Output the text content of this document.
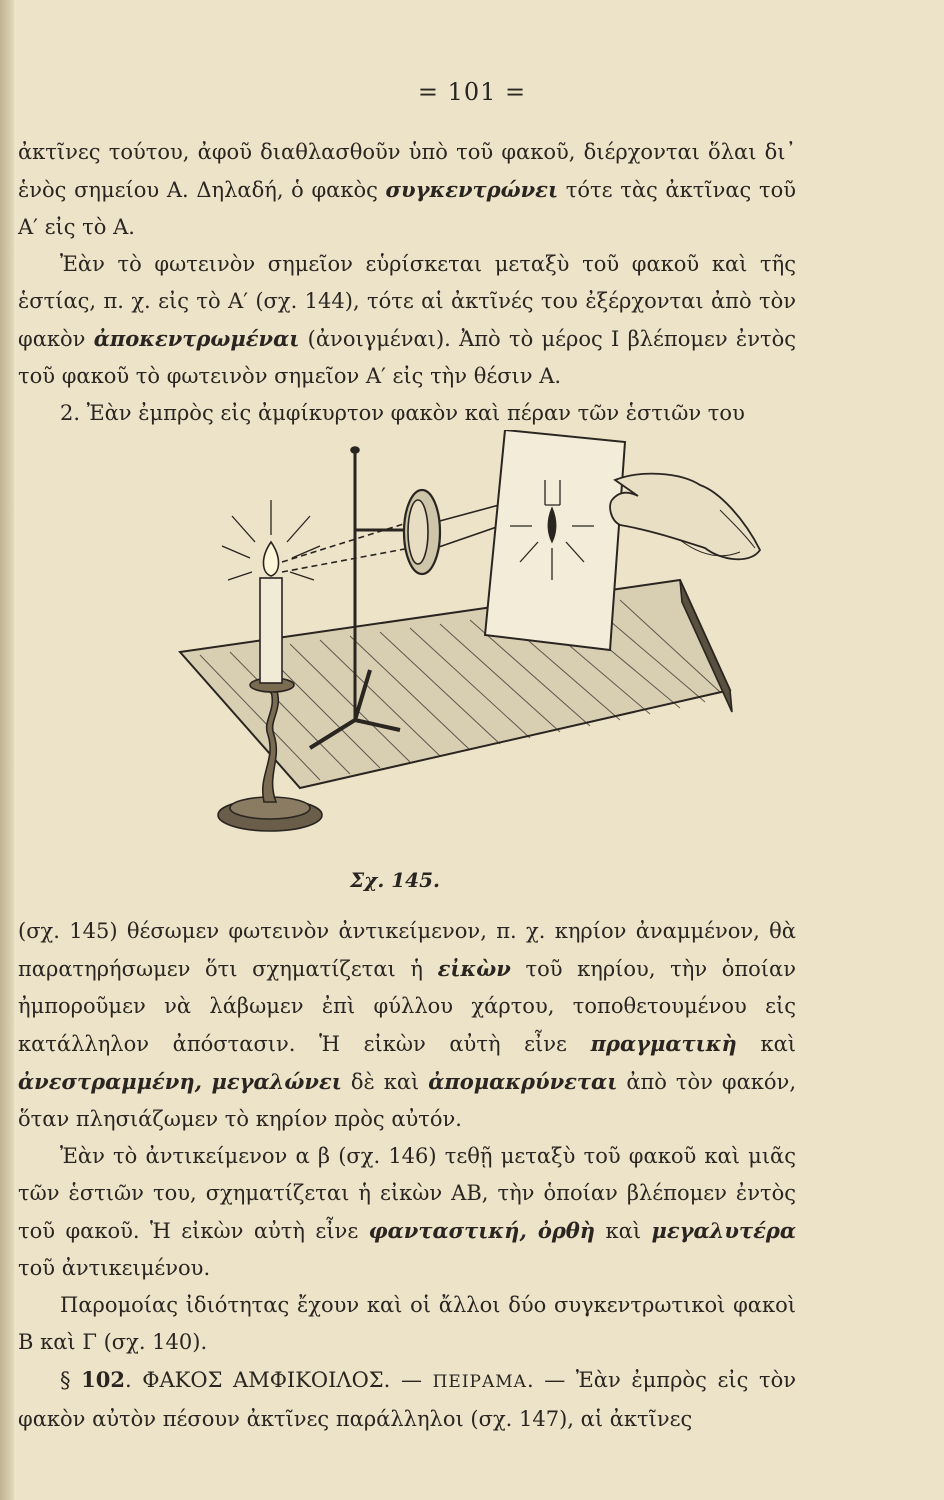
= 101 =

ἀκτῖνες τούτου, ἀφοῦ διαθλασθοῦν ὑπὸ τοῦ φακοῦ, διέρχονται ὅλαι δι᾿ ἑνὸς σημείου Α. Δηλαδή, ὁ φακὸς συγκεντρώνει τότε τὰς ἀκτῖνας τοῦ Α′ εἰς τὸ Α.

Ἐὰν τὸ φωτεινὸν σημεῖον εὑρίσκεται μεταξὺ τοῦ φακοῦ καὶ τῆς ἑστίας, π. χ. εἰς τὸ Α′ (σχ. 144), τότε αἱ ἀκτῖνές του ἐξέρχονται ἀπὸ τὸν φακὸν ἀποκεντρωμέναι (ἀνοιγμέναι). Ἀπὸ τὸ μέρος Ι βλέπομεν ἐντὸς τοῦ φακοῦ τὸ φωτεινὸν σημεῖον Α′ εἰς τὴν θέσιν Α.

2. Ἐὰν ἐμπρὸς εἰς ἀμφίκυρτον φακὸν καὶ πέραν τῶν ἑστιῶν του

Σχ. 145.

(σχ. 145) θέσωμεν φωτεινὸν ἀντικείμενον, π. χ. κηρίον ἀναμμένον, θὰ παρατηρήσωμεν ὅτι σχηματίζεται ἡ εἰκὼν τοῦ κηρίου, τὴν ὁποίαν ἠμποροῦμεν νὰ λάβωμεν ἐπὶ φύλλου χάρτου, τοποθετουμένου εἰς κατάλληλον ἀπόστασιν. Ἡ εἰκὼν αὐτὴ εἶνε πραγματικὴ καὶ ἀνεστραμμένη, μεγαλώνει δὲ καὶ ἀπομακρύνεται ἀπὸ τὸν φακόν, ὅταν πλησιάζωμεν τὸ κηρίον πρὸς αὐτόν.

Ἐὰν τὸ ἀντικείμενον α β (σχ. 146) τεθῇ μεταξὺ τοῦ φακοῦ καὶ μιᾶς τῶν ἑστιῶν του, σχηματίζεται ἡ εἰκὼν ΑΒ, τὴν ὁποίαν βλέπομεν ἐντὸς τοῦ φακοῦ. Ἡ εἰκὼν αὐτὴ εἶνε φανταστική, ὀρθὴ καὶ μεγαλυτέρα τοῦ ἀντικειμένου.

Παρομοίας ἰδιότητας ἔχουν καὶ οἱ ἄλλοι δύο συγκεντρωτικοὶ φακοὶ Β καὶ Γ (σχ. 140).

§ 102. ΦΑΚΟΣ ΑΜΦΙΚΟΙΛΟΣ. — ΠΕΙΡΑΜΑ. — Ἐὰν ἐμπρὸς εἰς τὸν φακὸν αὐτὸν πέσουν ἀκτῖνες παράλληλοι (σχ. 147), αἱ ἀκτῖνες
